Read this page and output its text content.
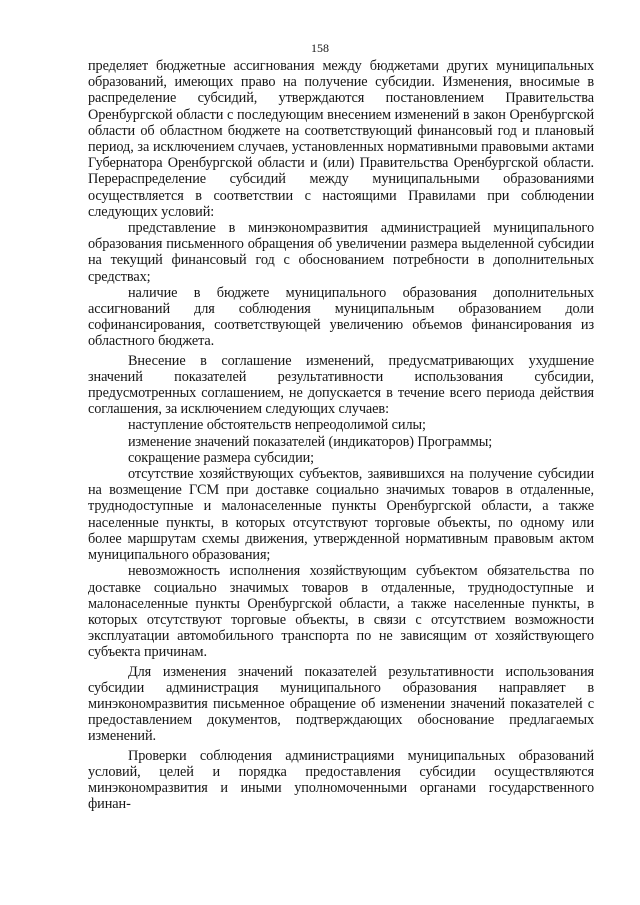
158

пределяет бюджетные ассигнования между бюджетами других муниципальных образований, имеющих право на получение субсидии. Изменения, вносимые в распределение субсидий, утверждаются постановлением Правительства Оренбургской области с последующим внесением изменений в закон Оренбургской области об областном бюджете на соответствующий финансовый год и плановый период, за исключением случаев, установленных нормативными правовыми актами Губернатора Оренбургской области и (или) Правительства Оренбургской области. Перераспределение субсидий между муниципальными образованиями осуществляется в соответствии с настоящими Правилами при соблюдении следующих условий:

представление в минэкономразвития администрацией муниципального образования письменного обращения об увеличении размера выделенной субсидии на текущий финансовый год с обоснованием потребности в дополнительных средствах;

наличие в бюджете муниципального образования дополнительных ассигнований для соблюдения муниципальным образованием доли софинансирования, соответствующей увеличению объемов финансирования из областного бюджета.

Внесение в соглашение изменений, предусматривающих ухудшение значений показателей результативности использования субсидии, предусмотренных соглашением, не допускается в течение всего периода действия соглашения, за исключением следующих случаев:

наступление обстоятельств непреодолимой силы;

изменение значений показателей (индикаторов) Программы;

сокращение размера субсидии;

отсутствие хозяйствующих субъектов, заявившихся на получение субсидии на возмещение ГСМ при доставке социально значимых товаров в отдаленные, труднодоступные и малонаселенные пункты Оренбургской области, а также населенные пункты, в которых отсутствуют торговые объекты, по одному или более маршрутам схемы движения, утвержденной нормативным правовым актом муниципального образования;

невозможность исполнения хозяйствующим субъектом обязательства по доставке социально значимых товаров в отдаленные, труднодоступные и малонаселенные пункты Оренбургской области, а также населенные пункты, в которых отсутствуют торговые объекты, в связи с отсутствием возможности эксплуатации автомобильного транспорта по не зависящим от хозяйствующего субъекта причинам.

Для изменения значений показателей результативности использования субсидии администрация муниципального образования направляет в минэкономразвития письменное обращение об изменении значений показателей с предоставлением документов, подтверждающих обоснование предлагаемых изменений.

Проверки соблюдения администрациями муниципальных образований условий, целей и порядка предоставления субсидии осуществляются минэкономразвития и иными уполномоченными органами государственного финан-
